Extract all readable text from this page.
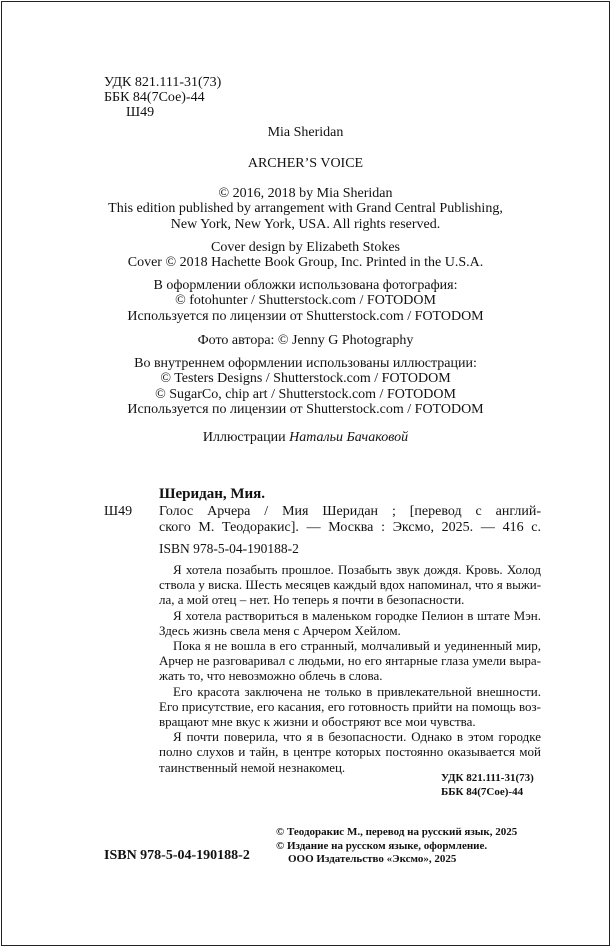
УДК 821.111-31(73)
ББК 84(7Сое)-44
Ш49
Mia Sheridan
ARCHER’S VOICE
© 2016, 2018 by Mia Sheridan
This edition published by arrangement with Grand Central Publishing,
New York, New York, USA. All rights reserved.
Cover design by Elizabeth Stokes
Cover © 2018 Hachette Book Group, Inc. Printed in the U.S.A.
В оформлении обложки использована фотография:
© fotohunter / Shutterstock.com / FOTODOM
Используется по лицензии от Shutterstock.com / FOTODOM
Фото автора: © Jenny G Photography
Во внутреннем оформлении использованы иллюстрации:
© Testers Designs / Shutterstock.com / FOTODOM
© SugarCo, chip art / Shutterstock.com / FOTODOM
Используется по лицензии от Shutterstock.com / FOTODOM
Иллюстрации Натальи Бачаковой
Шеридан, Мия.
Ш49 Голос Арчера / Мия Шеридан ; [перевод с англий-
ского М. Теодоракис]. — Москва : Эксмо, 2025. — 416 с.
ISBN 978-5-04-190188-2

Я хотела позабыть прошлое. Позабыть звук дождя. Кровь. Холод
ствола у виска. Шесть месяцев каждый вдох напоминал, что я выжи-
ла, а мой отец – нет. Но теперь я почти в безопасности.

Я хотела раствориться в маленьком городке Пелион в штате Мэн.
Здесь жизнь свела меня с Арчером Хейлом.

Пока я не вошла в его странный, молчаливый и уединенный мир,
Арчер не разговаривал с людьми, но его янтарные глаза умели выра-
жать то, что невозможно облечь в слова.

Его красота заключена не только в привлекательной внешности.
Его присутствие, его касания, его готовность прийти на помощь воз-
вращают мне вкус к жизни и обостряют все мои чувства.

Я почти поверила, что я в безопасности. Однако в этом городке
полно слухов и тайн, в центре которых постоянно оказывается мой
таинственный немой незнакомец.

УДК 821.111-31(73)
ББК 84(7Сое)-44
ISBN 978-5-04-190188-2
© Теодоракис М., перевод на русский язык, 2025
© Издание на русском языке, оформление.
ООО Издательство «Эксмо», 2025
